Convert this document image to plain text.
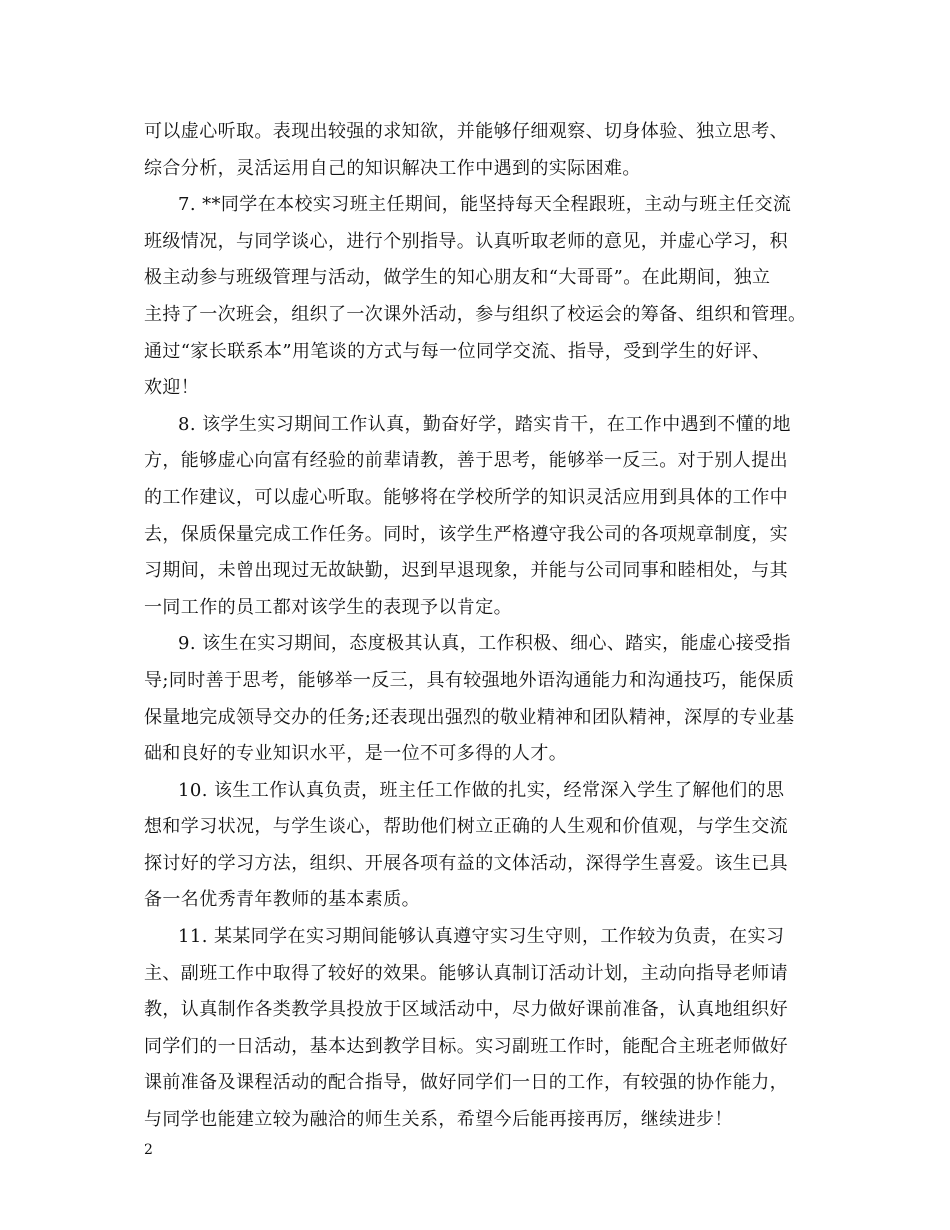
可以虚心听取。表现出较强的求知欲，并能够仔细观察、切身体验、独立思考、
综合分析，灵活运用自己的知识解决工作中遇到的实际困难。
7. **同学在本校实习班主任期间，能坚持每天全程跟班，主动与班主任交流
班级情况，与同学谈心，进行个别指导。认真听取老师的意见，并虚心学习，积
极主动参与班级管理与活动，做学生的知心朋友和“大哥哥”。在此期间，独立
主持了一次班会，组织了一次课外活动，参与组织了校运会的筹备、组织和管理。
通过“家长联系本”用笔谈的方式与每一位同学交流、指导，受到学生的好评、
欢迎！
8. 该学生实习期间工作认真，勤奋好学，踏实肯干，在工作中遇到不懂的地
方，能够虚心向富有经验的前辈请教，善于思考，能够举一反三。对于别人提出
的工作建议，可以虚心听取。能够将在学校所学的知识灵活应用到具体的工作中
去，保质保量完成工作任务。同时，该学生严格遵守我公司的各项规章制度，实
习期间，未曾出现过无故缺勤，迟到早退现象，并能与公司同事和睦相处，与其
一同工作的员工都对该学生的表现予以肯定。
9. 该生在实习期间，态度极其认真，工作积极、细心、踏实，能虚心接受指
导;同时善于思考，能够举一反三，具有较强地外语沟通能力和沟通技巧，能保质
保量地完成领导交办的任务;还表现出强烈的敬业精神和团队精神，深厚的专业基
础和良好的专业知识水平，是一位不可多得的人才。
10. 该生工作认真负责，班主任工作做的扎实，经常深入学生了解他们的思
想和学习状况，与学生谈心，帮助他们树立正确的人生观和价值观，与学生交流
探讨好的学习方法，组织、开展各项有益的文体活动，深得学生喜爱。该生已具
备一名优秀青年教师的基本素质。
11. 某某同学在实习期间能够认真遵守实习生守则，工作较为负责，在实习
主、副班工作中取得了较好的效果。能够认真制订活动计划，主动向指导老师请
教，认真制作各类教学具投放于区域活动中，尽力做好课前准备，认真地组织好
同学们的一日活动，基本达到教学目标。实习副班工作时，能配合主班老师做好
课前准备及课程活动的配合指导，做好同学们一日的工作，有较强的协作能力，
与同学也能建立较为融洽的师生关系，希望今后能再接再厉，继续进步！
2
